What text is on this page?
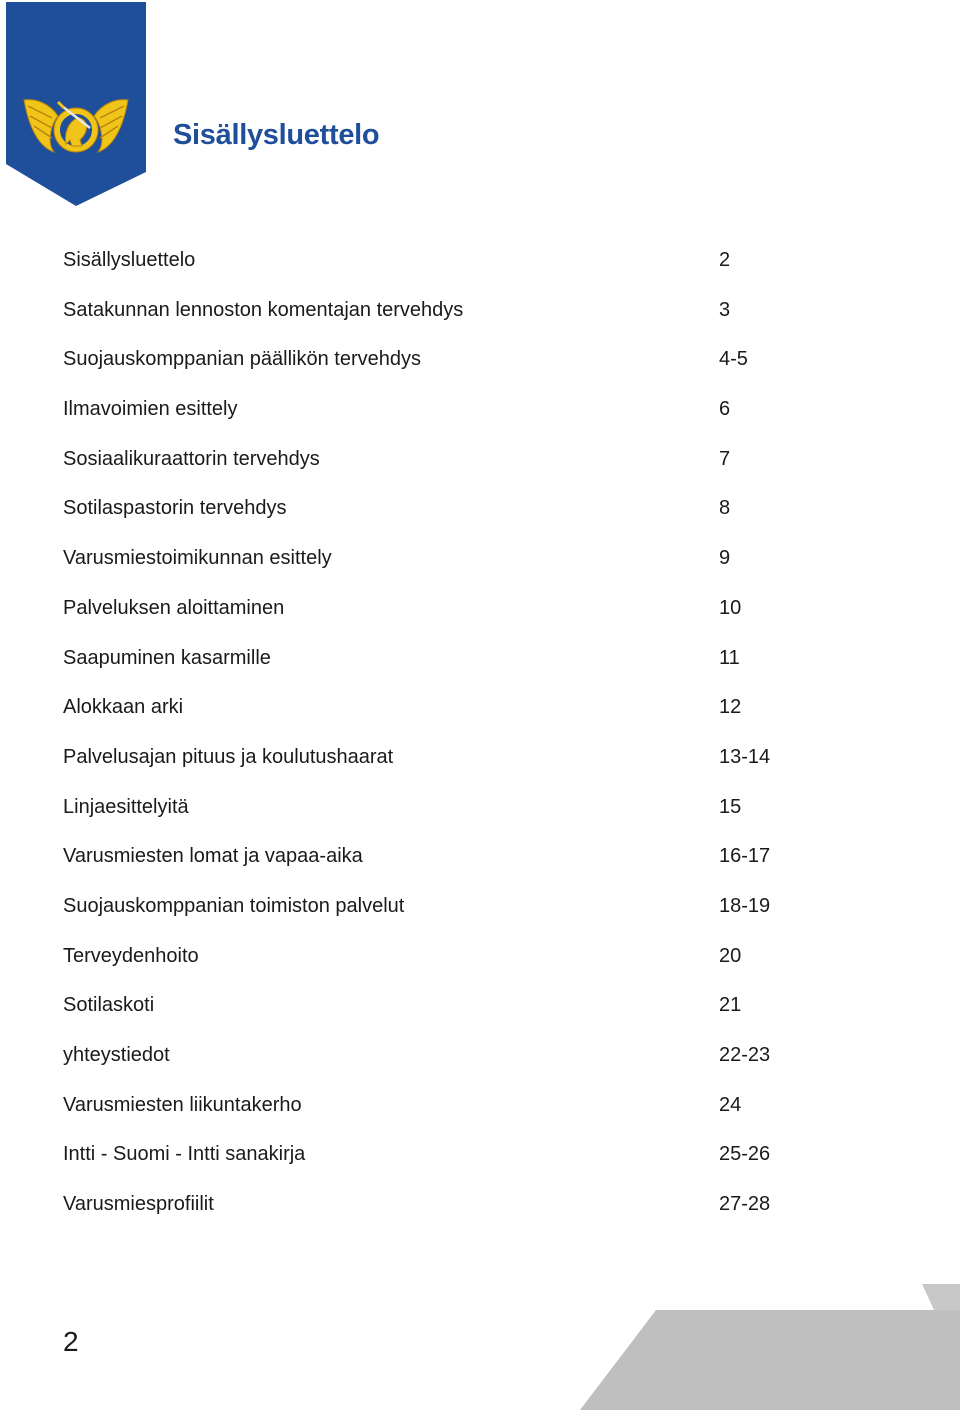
Sisällysluettelo
Sisällysluettelo	2
Satakunnan lennoston komentajan tervehdys	3
Suojauskomppanian päällikön tervehdys	4-5
Ilmavoimien esittely	6
Sosiaalikuraattorin tervehdys	7
Sotilaspastorin tervehdys	8
Varusmiestoimikunnan esittely	9
Palveluksen aloittaminen	10
Saapuminen kasarmille	11
Alokkaan arki	12
Palvelusajan pituus ja koulutushaarat	13-14
Linjaesittelyitä	15
Varusmiesten lomat ja vapaa-aika	16-17
Suojauskomppanian toimiston palvelut	18-19
Terveydenhoito	20
Sotilaskoti	21
yhteystiedot	22-23
Varusmiesten liikuntakerho	24
Intti - Suomi - Intti sanakirja	25-26
Varusmiesprofiilit	27-28
2
